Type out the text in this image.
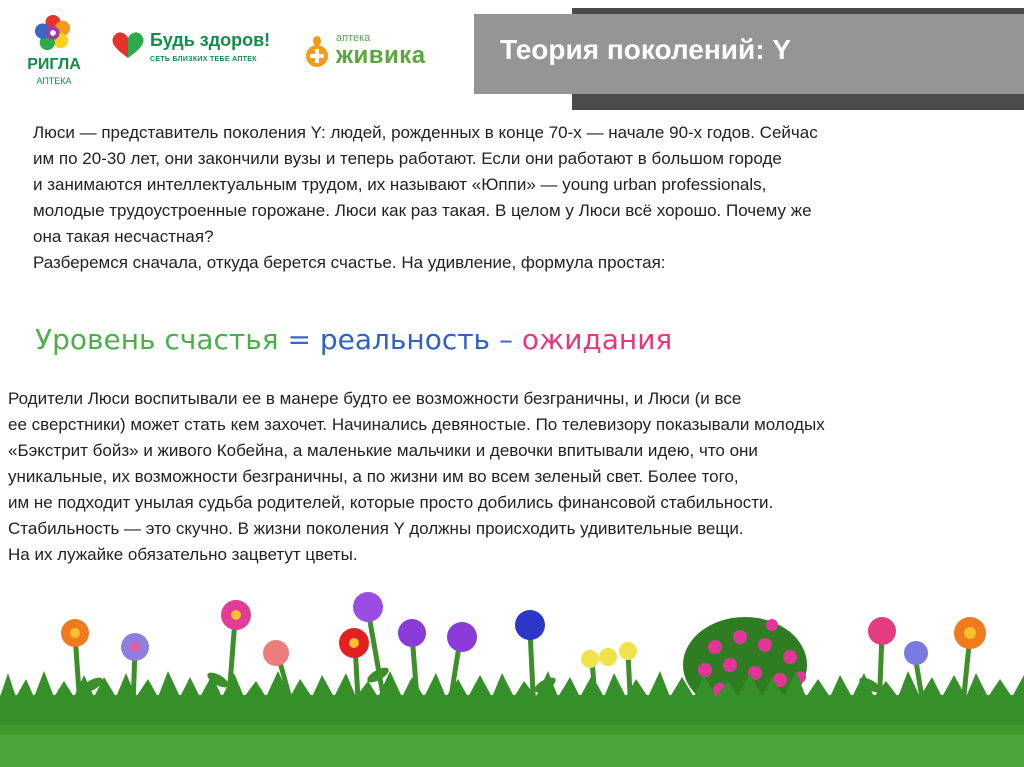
РИГЛА
АПТЕКА
Будь здоров!
СЕТЬ БЛИЗКИХ ТЕБЕ АПТЕК
аптека
живика	Теория поколений: Y
Люси — представитель поколения Y: людей, рожденных в конце 70-х — начале 90-х годов. Сейчас
им по 20-30 лет, они закончили вузы и теперь работают. Если они работают в большом городе
и занимаются интеллектуальным трудом, их называют «Юппи» — young urban professionals,
молодые трудоустроенные горожане. Люси как раз такая. В целом у Люси всё хорошо. Почему же
она такая несчастная?
Разберемся сначала, откуда берется счастье. На удивление, формула простая:
Уровень счастья = реальность – ожидания
Родители Люси воспитывали ее в манере будто ее возможности безграничны, и Люси (и все
ее сверстники) может стать кем захочет. Начинались девяностые. По телевизору показывали молодых
«Бэкстрит бойз» и живого Кобейна, а маленькие мальчики и девочки впитывали идею, что они
уникальные, их возможности безграничны, а по жизни им во всем зеленый свет. Более того,
им не подходит унылая судьба родителей, которые просто добились финансовой стабильности.
Стабильность — это скучно. В жизни поколения Y должны происходить удивительные вещи.
На их лужайке обязательно зацветут цветы.
